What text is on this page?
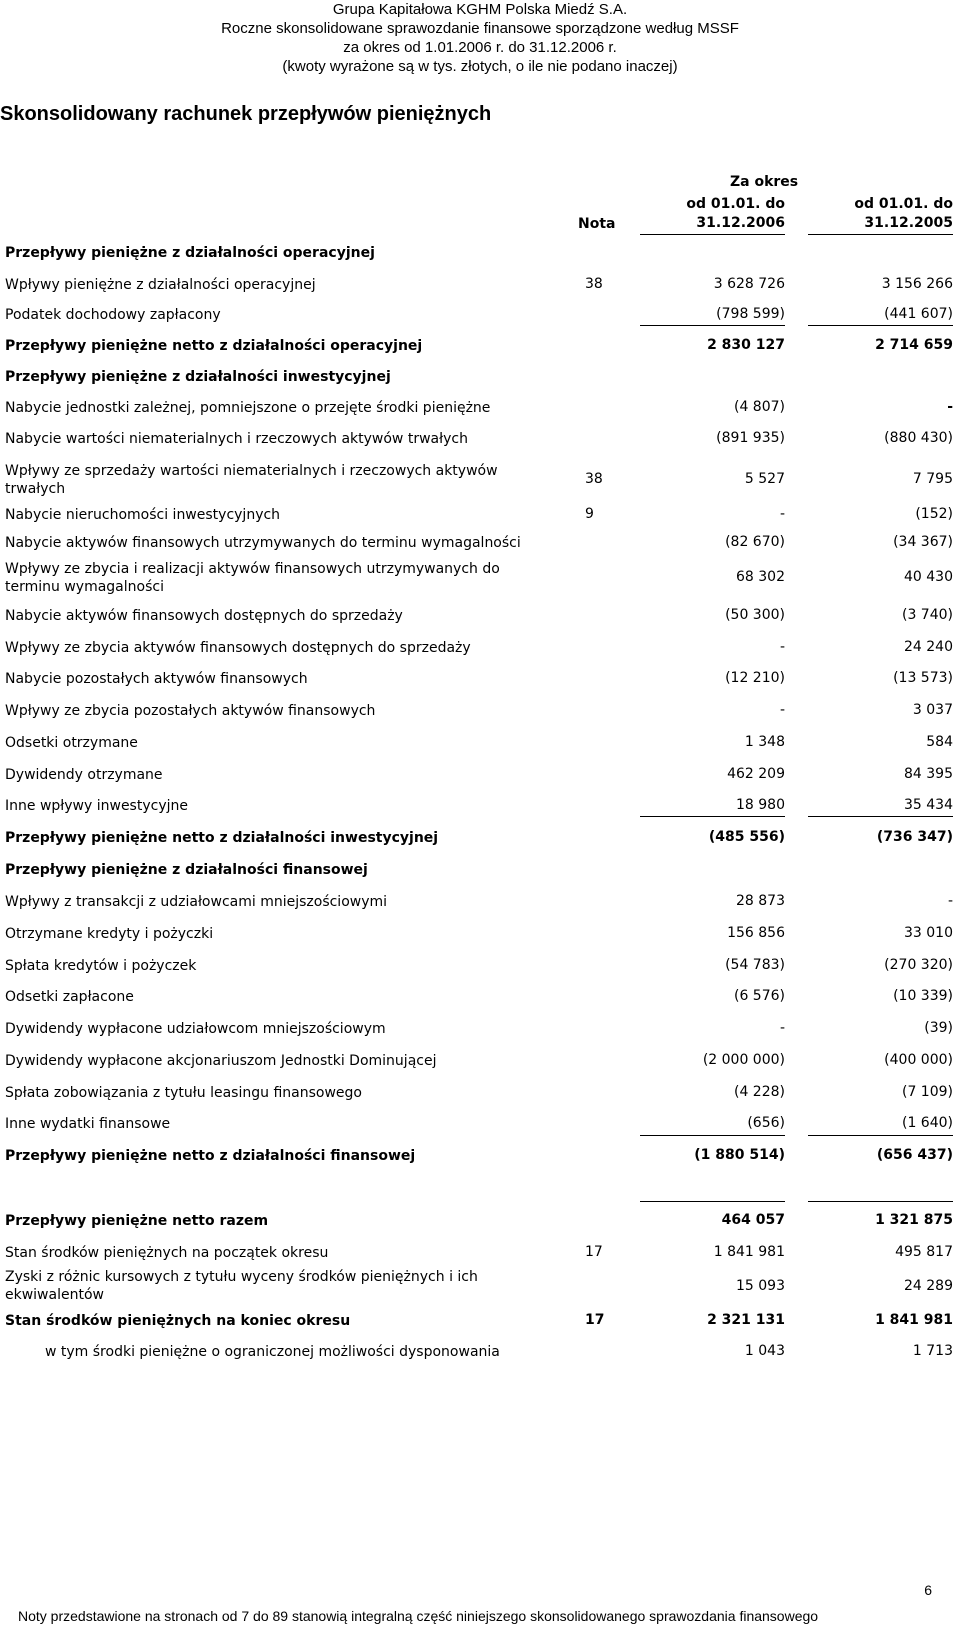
Grupa Kapitałowa KGHM Polska Miedź S.A.
Roczne skonsolidowane sprawozdanie finansowe sporządzone według MSSF
za okres od 1.01.2006 r. do 31.12.2006 r.
(kwoty wyrażone są w tys. złotych, o ile nie podano inaczej)
Skonsolidowany rachunek przepływów pieniężnych
Za okres
Nota
od 01.01. do
31.12.2006
od 01.01. do
31.12.2005
Przepływy pieniężne z działalności operacyjnej
Wpływy pieniężne z działalności operacyjnej	38	3 628 726	3 156 266
Podatek dochodowy zapłacony	(798 599)	(441 607)
Przepływy pieniężne netto z działalności operacyjnej	2 830 127	2 714 659
Przepływy pieniężne z działalności inwestycyjnej
Nabycie jednostki zależnej, pomniejszone o przejęte środki pieniężne	(4 807)	-
Nabycie wartości niematerialnych i rzeczowych aktywów trwałych	(891 935)	(880 430)
Wpływy ze sprzedaży wartości niematerialnych i rzeczowych aktywów trwałych
38	5 527	7 795
Nabycie nieruchomości inwestycyjnych	9	-	(152)
Nabycie aktywów finansowych utrzymywanych do terminu wymagalności	(82 670)	(34 367)
Wpływy ze zbycia i realizacji aktywów finansowych utrzymywanych do terminu wymagalności
68 302	40 430
Nabycie aktywów finansowych dostępnych do sprzedaży	(50 300)	(3 740)
Wpływy ze zbycia aktywów finansowych dostępnych do sprzedaży	-	24 240
Nabycie pozostałych aktywów finansowych	(12 210)	(13 573)
Wpływy ze zbycia pozostałych aktywów finansowych	-	3 037
Odsetki otrzymane	1 348	584
Dywidendy otrzymane	462 209	84 395
Inne wpływy inwestycyjne	18 980	35 434
Przepływy pieniężne netto z działalności inwestycyjnej	(485 556)	(736 347)
Przepływy pieniężne z działalności finansowej
Wpływy z transakcji z udziałowcami mniejszościowymi	28 873	-
Otrzymane kredyty i pożyczki	156 856	33 010
Spłata kredytów i pożyczek	(54 783)	(270 320)
Odsetki zapłacone	(6 576)	(10 339)
Dywidendy wypłacone udziałowcom mniejszościowym	-	(39)
Dywidendy wypłacone akcjonariuszom Jednostki Dominującej	(2 000 000)	(400 000)
Spłata zobowiązania z tytułu leasingu finansowego	(4 228)	(7 109)
Inne wydatki finansowe	(656)	(1 640)
Przepływy pieniężne netto z działalności finansowej	(1 880 514)	(656 437)
Przepływy pieniężne netto razem	464 057	1 321 875
Stan środków pieniężnych na początek okresu	17	1 841 981	495 817
Zyski z różnic kursowych z tytułu wyceny środków pieniężnych i ich ekwiwalentów
15 093	24 289
Stan środków pieniężnych na koniec okresu	17	2 321 131	1 841 981
w tym środki pieniężne o ograniczonej możliwości dysponowania	1 043	1 713
6
Noty przedstawione na stronach od 7 do 89 stanowią integralną część niniejszego skonsolidowanego sprawozdania finansowego
